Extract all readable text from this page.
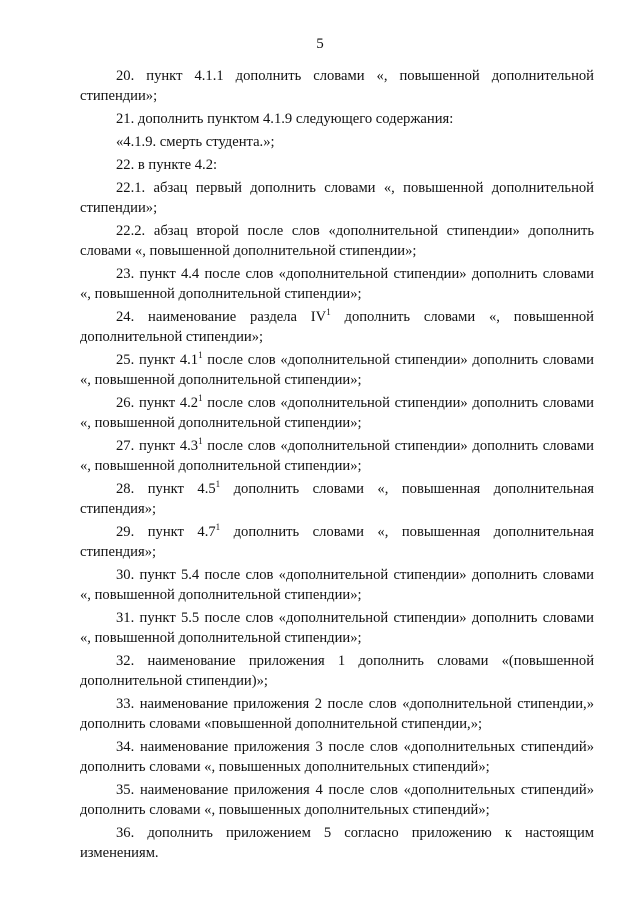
5

20. пункт 4.1.1 дополнить словами «, повышенной дополнительной стипендии»;

21. дополнить пунктом 4.1.9 следующего содержания:

«4.1.9. смерть студента.»;

22. в пункте 4.2:

22.1. абзац первый дополнить словами «, повышенной дополнительной стипендии»;

22.2. абзац второй после слов «дополнительной стипендии» дополнить словами «, повышенной дополнительной стипендии»;

23. пункт 4.4 после слов «дополнительной стипендии» дополнить словами «, повышенной дополнительной стипендии»;

24. наименование раздела $IV^1$ дополнить словами «, повышенной дополнительной стипендии»;

25. пункт $4.1^1$ после слов «дополнительной стипендии» дополнить словами «, повышенной дополнительной стипендии»;

26. пункт $4.2^1$ после слов «дополнительной стипендии» дополнить словами «, повышенной дополнительной стипендии»;

27. пункт $4.3^1$ после слов «дополнительной стипендии» дополнить словами «, повышенной дополнительной стипендии»;

28. пункт $4.5^1$ дополнить словами «, повышенная дополнительная стипендия»;

29. пункт $4.7^1$ дополнить словами «, повышенная дополнительная стипендия»;

30. пункт 5.4 после слов «дополнительной стипендии» дополнить словами «, повышенной дополнительной стипендии»;

31. пункт 5.5 после слов «дополнительной стипендии» дополнить словами «, повышенной дополнительной стипендии»;

32. наименование приложения 1 дополнить словами «(повышенной дополнительной стипендии)»;

33. наименование приложения 2 после слов «дополнительной стипендии,» дополнить словами «повышенной дополнительной стипендии,»;

34. наименование приложения 3 после слов «дополнительных стипендий» дополнить словами «, повышенных дополнительных стипендий»;

35. наименование приложения 4 после слов «дополнительных стипендий» дополнить словами «, повышенных дополнительных стипендий»;

36. дополнить приложением 5 согласно приложению к настоящим изменениям.
